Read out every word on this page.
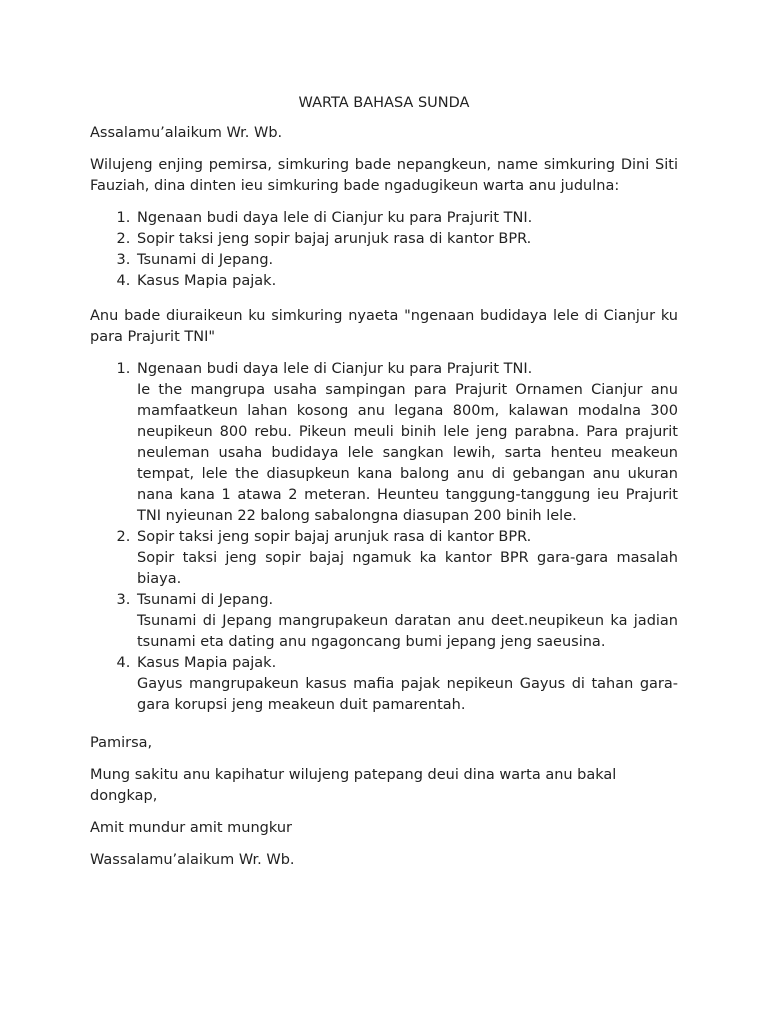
WARTA BAHASA SUNDA

Assalamu’alaikum Wr. Wb.

Wilujeng enjing pemirsa, simkuring bade nepangkeun, name simkuring Dini Siti Fauziah, dina dinten ieu simkuring bade ngadugikeun warta anu judulna:

1. Ngenaan budi daya lele di Cianjur ku para Prajurit TNI.
2. Sopir taksi jeng sopir bajaj arunjuk rasa di kantor BPR.
3. Tsunami di Jepang.
4. Kasus Mapia pajak.

Anu bade diuraikeun ku simkuring nyaeta "ngenaan budidaya lele di Cianjur ku para Prajurit TNI"

1. Ngenaan budi daya lele di Cianjur ku para Prajurit TNI.
Ie the mangrupa usaha sampingan para Prajurit Ornamen Cianjur anu mamfaatkeun lahan kosong anu legana 800m, kalawan modalna 300 neupikeun 800 rebu. Pikeun meuli binih lele jeng parabna. Para prajurit neuleman usaha budidaya lele sangkan lewih, sarta henteu meakeun tempat, lele the diasupkeun kana balong anu di gebangan anu ukuran nana kana 1 atawa 2 meteran. Heunteu tanggung-tanggung ieu Prajurit TNI nyieunan 22 balong sabalongna diasupan 200 binih lele.
2. Sopir taksi jeng sopir bajaj arunjuk rasa di kantor BPR.
Sopir taksi jeng sopir bajaj ngamuk ka kantor BPR gara-gara masalah biaya.
3. Tsunami di Jepang.
Tsunami di Jepang mangrupakeun daratan anu deet.neupikeun ka jadian tsunami eta dating anu ngagoncang bumi jepang jeng saeusina.
4. Kasus Mapia pajak.
Gayus mangrupakeun kasus mafia pajak nepikeun Gayus di tahan gara-gara korupsi jeng meakeun duit pamarentah.

Pamirsa,

Mung sakitu anu kapihatur wilujeng patepang deui dina warta anu bakal dongkap,

Amit mundur amit mungkur

Wassalamu’alaikum Wr. Wb.
